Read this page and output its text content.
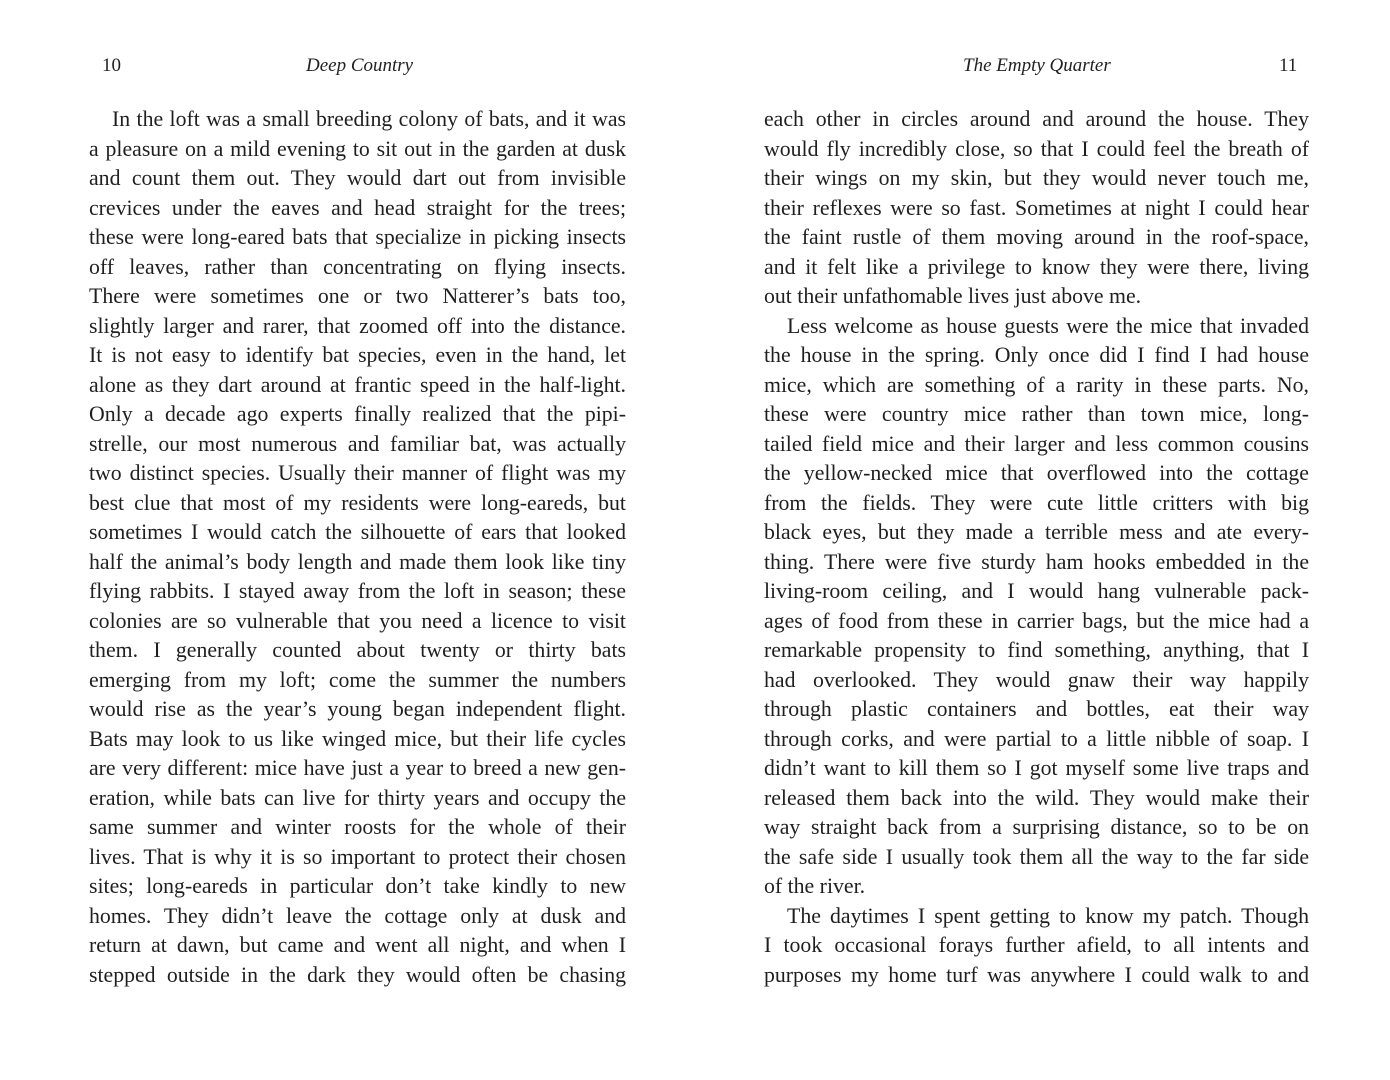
10	Deep Country
In the loft was a small breeding colony of bats, and it was
a pleasure on a mild evening to sit out in the garden at dusk
and count them out. They would dart out from invisible
crevices under the eaves and head straight for the trees;
these were long-eared bats that specialize in picking insects
off leaves, rather than concentrating on flying insects.
There were sometimes one or two Natterer’s bats too,
slightly larger and rarer, that zoomed off into the distance.
It is not easy to identify bat species, even in the hand, let
alone as they dart around at frantic speed in the half-light.
Only a decade ago experts finally realized that the pipi-
strelle, our most numerous and familiar bat, was actually
two distinct species. Usually their manner of flight was my
best clue that most of my residents were long-eareds, but
sometimes I would catch the silhouette of ears that looked
half the animal’s body length and made them look like tiny
flying rabbits. I stayed away from the loft in season; these
colonies are so vulnerable that you need a licence to visit
them. I generally counted about twenty or thirty bats
emerging from my loft; come the summer the numbers
would rise as the year’s young began independent flight.
Bats may look to us like winged mice, but their life cycles
are very different: mice have just a year to breed a new gen-
eration, while bats can live for thirty years and occupy the
same summer and winter roosts for the whole of their
lives. That is why it is so important to protect their chosen
sites; long-eareds in particular don’t take kindly to new
homes. They didn’t leave the cottage only at dusk and
return at dawn, but came and went all night, and when I
stepped outside in the dark they would often be chasing
The Empty Quarter	11
each other in circles around and around the house. They
would fly incredibly close, so that I could feel the breath of
their wings on my skin, but they would never touch me,
their reflexes were so fast. Sometimes at night I could hear
the faint rustle of them moving around in the roof-space,
and it felt like a privilege to know they were there, living
out their unfathomable lives just above me.
Less welcome as house guests were the mice that invaded
the house in the spring. Only once did I find I had house
mice, which are something of a rarity in these parts. No,
these were country mice rather than town mice, long-
tailed field mice and their larger and less common cousins
the yellow-necked mice that overflowed into the cottage
from the fields. They were cute little critters with big
black eyes, but they made a terrible mess and ate every-
thing. There were five sturdy ham hooks embedded in the
living-room ceiling, and I would hang vulnerable pack-
ages of food from these in carrier bags, but the mice had a
remarkable propensity to find something, anything, that I
had overlooked. They would gnaw their way happily
through plastic containers and bottles, eat their way
through corks, and were partial to a little nibble of soap. I
didn’t want to kill them so I got myself some live traps and
released them back into the wild. They would make their
way straight back from a surprising distance, so to be on
the safe side I usually took them all the way to the far side
of the river.
The daytimes I spent getting to know my patch. Though
I took occasional forays further afield, to all intents and
purposes my home turf was anywhere I could walk to and
